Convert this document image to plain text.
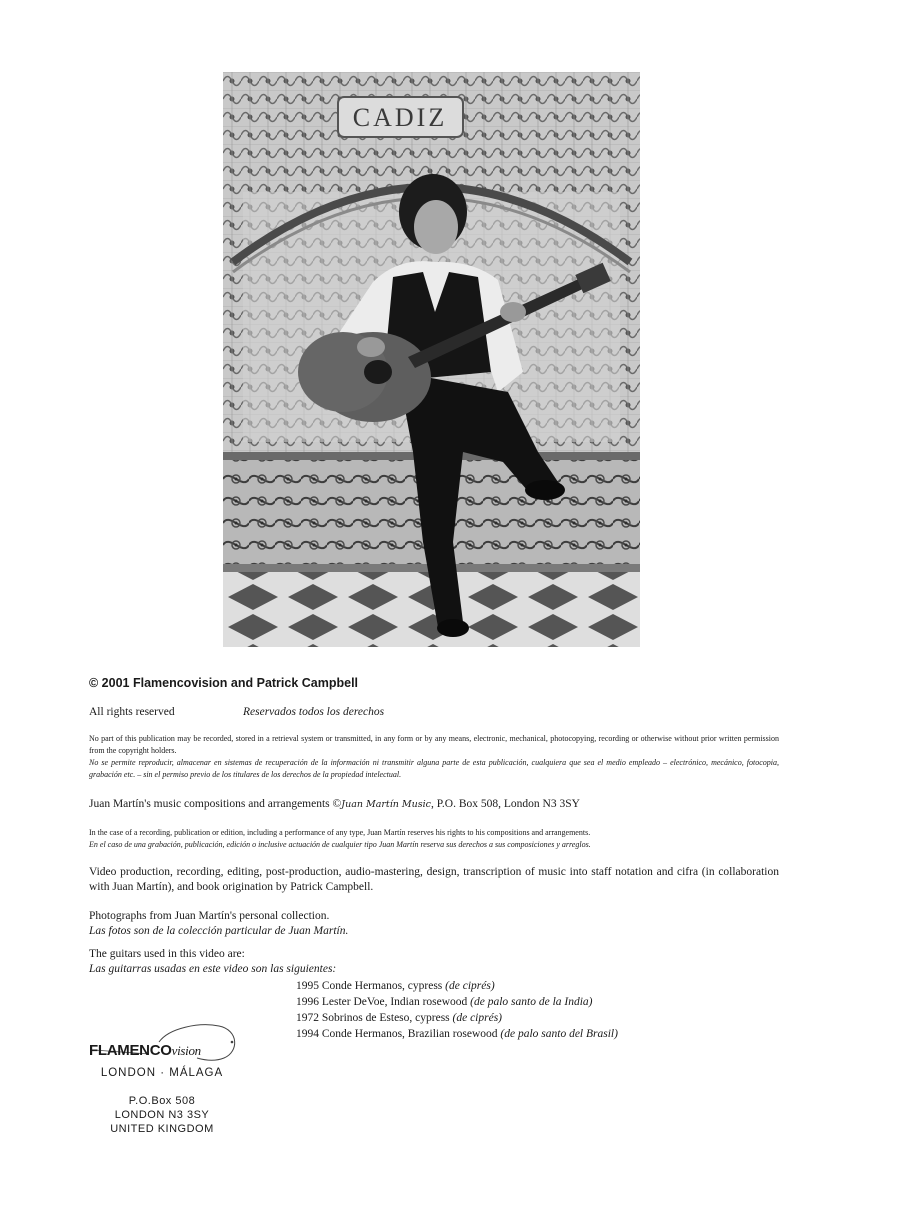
CADIZ
© 2001 Flamencovision and Patrick Campbell
All rights reserved	Reservados todos los derechos
No part of this publication may be recorded, stored in a retrieval system or transmitted, in any form or by any means, electronic, mechanical, photocopying, recording or otherwise without prior written permission from the copyright holders.
No se permite reproducir, almacenar en sistemas de recuperación de la información ni transmitir alguna parte de esta publicación, cualquiera que sea el medio empleado – electrónico, mecánico, fotocopia, grabación etc. – sin el permiso previo de los titulares de los derechos de la propiedad intelectual.
Juan Martín's music compositions and arrangements ©Juan Martín Music, P.O. Box 508, London N3 3SY
In the case of a recording, publication or edition, including a performance of any type, Juan Martín reserves his rights to his compositions and arrangements.
En el caso de una grabación, publicación, edición o inclusive actuación de cualquier tipo Juan Martín reserva sus derechos a sus composiciones y arreglos.
Video production, recording, editing, post-production, audio-mastering, design, transcription of music into staff notation and cifra (in collaboration with Juan Martín), and book origination by Patrick Campbell.
Photographs from Juan Martín's personal collection.
Las fotos son de la colección particular de Juan Martín.
The guitars used in this video are:
Las guitarras usadas en este video son las siguientes:
1995 Conde Hermanos, cypress (de ciprés)
1996 Lester DeVoe, Indian rosewood (de palo santo de la India)
1972 Sobrinos de Esteso, cypress (de ciprés)
1994 Conde Hermanos, Brazilian rosewood (de palo santo del Brasil)
FLAMENCOvision
LONDON · MÁLAGA
P.O.Box 508
LONDON N3 3SY
UNITED KINGDOM
